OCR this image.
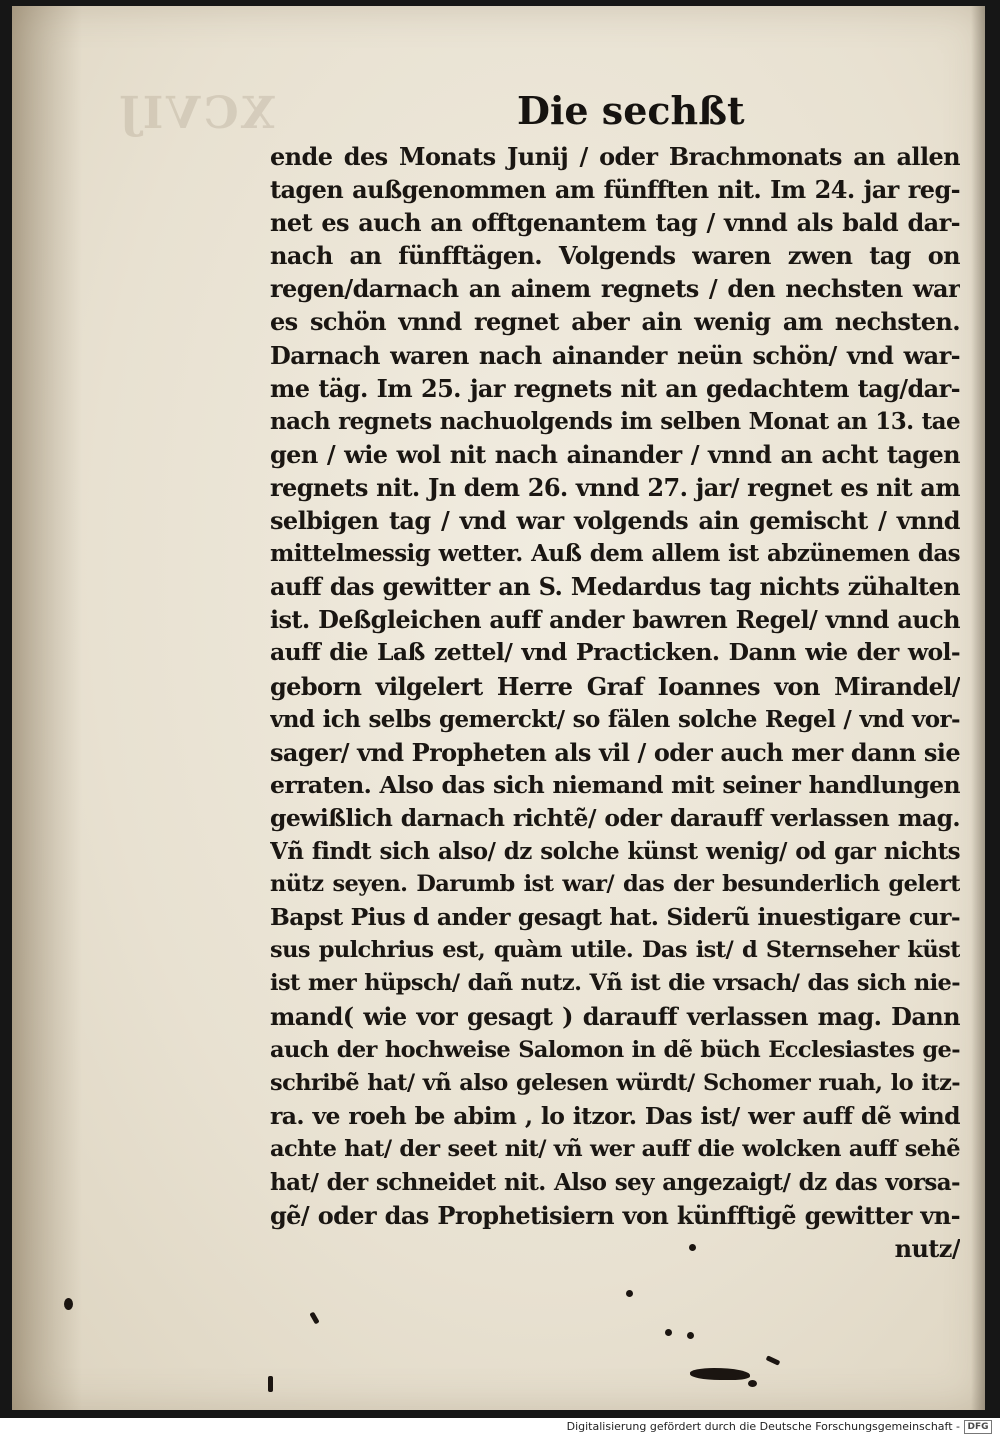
XCVIJ	Die sechßt
ende des Monats Junij / oder Brachmonats an allen
tagen außgenommen am fünfften nit. Im 24. jar reg-
net es auch an offtgenantem tag / vnnd als bald dar-
nach an fünfftägen. Volgends waren zwen tag on
regen/darnach an ainem regnets / den nechsten war
es schön vnnd regnet aber ain wenig am nechsten.
Darnach waren nach ainander neün schön/ vnd war-
me täg. Im 25. jar regnets nit an gedachtem tag/dar-
nach regnets nachuolgends im selben Monat an 13. tae
gen / wie wol nit nach ainander / vnnd an acht tagen
regnets nit. Jn dem 26. vnnd 27. jar/ regnet es nit am
selbigen tag / vnd war volgends ain gemischt / vnnd
mittelmessig wetter. Auß dem allem ist abzünemen das
auff das gewitter an S. Medardus tag nichts zühalten
ist. Deßgleichen auff ander bawren Regel/ vnnd auch
auff die Laß zettel/ vnd Practicken. Dann wie der wol-
geborn vilgelert Herre Graf Ioannes von Mirandel/
vnd ich selbs gemerckt/ so fälen solche Regel / vnd vor-
sager/ vnd Propheten als vil / oder auch mer dann sie
erraten. Also das sich niemand mit seiner handlungen
gewißlich darnach richtẽ/ oder darauff verlassen mag.
Vñ findt sich also/ dz solche künst wenig/ od gar nichts
nütz seyen. Darumb ist war/ das der besunderlich gelert
Bapst Pius d ander gesagt hat. Siderũ inuestigare cur-
sus pulchrius est, quàm utile. Das ist/ d Sternseher küst
ist mer hüpsch/ dañ nutz. Vñ ist die vrsach/ das sich nie-
mand( wie vor gesagt ) darauff verlassen mag. Dann
auch der hochweise Salomon in dẽ büch Ecclesiastes ge-
schribẽ hat/ vñ also gelesen würdt/ Schomer ruah, lo itz-
ra. ve roeh be abim , lo itzor. Das ist/ wer auff dẽ wind
achte hat/ der seet nit/ vñ wer auff die wolcken auff sehẽ
hat/ der schneidet nit. Also sey angezaigt/ dz das vorsa-
gẽ/ oder das Prophetisiern von künfftigẽ gewitter vn-
nutz/
Digitalisierung gefördert durch die Deutsche Forschungsgemeinschaft - DFG
